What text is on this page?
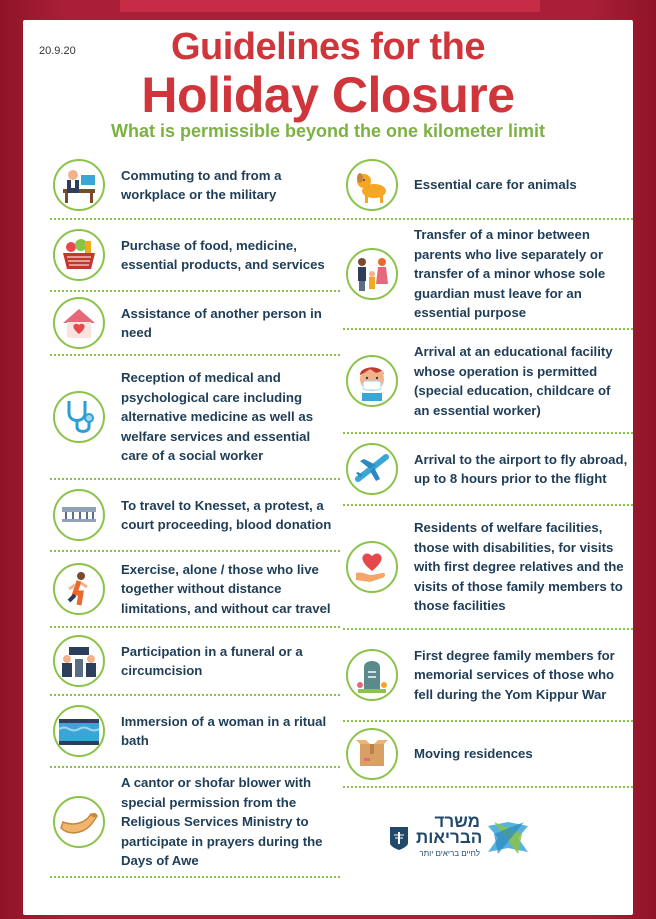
20.9.20	Guidelines for the
Holiday Closure
What is permissible beyond the one kilometer limit
Commuting to and from a workplace or the military
Purchase of food, medicine, essential products, and services
Assistance of another person in need
Reception of medical and psychological care including alternative medicine as well as welfare services and essential care of a social worker
To travel to Knesset, a protest, a court proceeding, blood donation
Exercise, alone / those who live together without distance limitations, and without car travel
Participation in a funeral or a circumcision
Immersion of a woman in a ritual bath
A cantor or shofar blower with special permission from the Religious Services Ministry to participate in prayers during the Days of Awe
Essential care for animals
Transfer of a minor between parents who live separately or transfer of a minor whose sole guardian must leave for an essential purpose
Arrival at an educational facility whose operation is permitted (special education, childcare of an essential worker)
Arrival to the airport to fly abroad, up to 8 hours prior to the flight
Residents of welfare facilities, those with disabilities, for visits with first degree relatives and the visits of those family members to those facilities
First degree family members for memorial services of those who fell during the Yom Kippur War
Moving residences
משרד הבריאות
לחיים בריאים יותר
